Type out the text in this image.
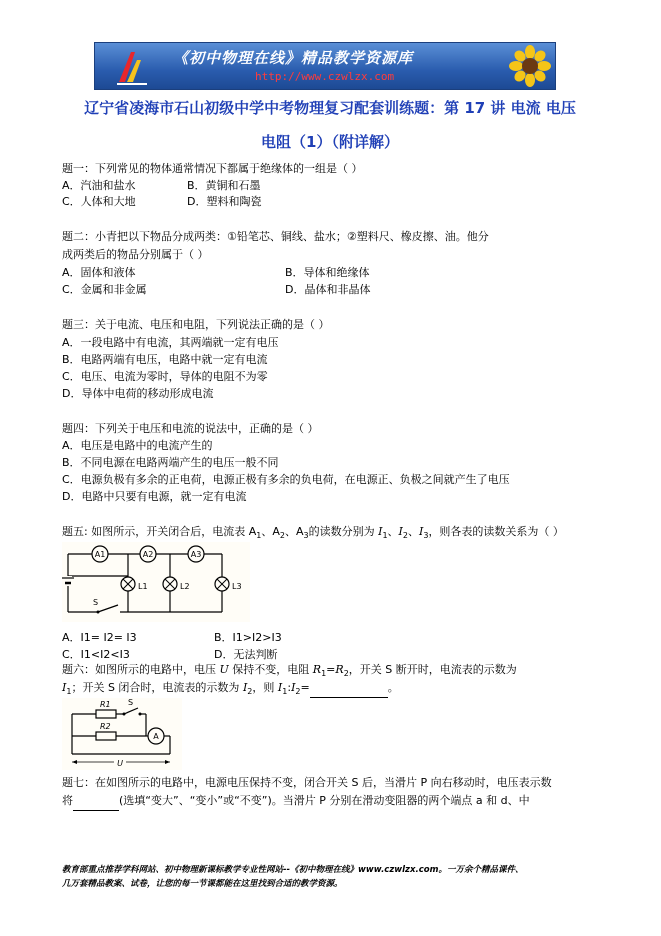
《初中物理在线》精品教学资源库
http://www.czwlzx.com
辽宁省凌海市石山初级中学中考物理复习配套训练题：第 17 讲 电流 电压
电阻（1）（附详解）
题一：下列常见的物体通常情况下都属于绝缘体的一组是（ ）
A．汽油和盐水	B．黄铜和石墨
C．人体和大地	D．塑料和陶瓷
题二：小青把以下物品分成两类：①铅笔芯、铜线、盐水；②塑料尺、橡皮擦、油。他分
成两类后的物品分别属于（ ）
A．固体和液体	B．导体和绝缘体
C．金属和非金属	D．晶体和非晶体
题三：关于电流、电压和电阻，下列说法正确的是（ ）
A．一段电路中有电流，其两端就一定有电压
B．电路两端有电压，电路中就一定有电流
C．电压、电流为零时，导体的电阻不为零
D．导体中电荷的移动形成电流
题四：下列关于电压和电流的说法中，正确的是（ ）
A．电压是电路中的电流产生的
B．不同电源在电路两端产生的电压一般不同
C．电源负极有多余的正电荷，电源正极有多余的负电荷，在电源正、负极之间就产生了电压
D．电路中只要有电源，就一定有电流
题五: 如图所示，开关闭合后，电流表 $A_1$、$A_2$、$A_3$的读数分别为 $I_1$、$I_2$、$I_3$，则各表的读数关系为（ ）
A1	A2	A3
L1	L2	L3
S
A．I1= I2= I3	B．I1>I2>I3
C．I1<I2<I3	D．无法判断
题六：如图所示的电路中，电压 U 保持不变，电阻 $R_1=R_2$，开关 S 断开时，电流表的示数为
$I_1$；开关 S 闭合时，电流表的示数为 $I_2$，则 $I_1:I_2=$	。
R1 S
R2
A
U
题七：在如图所示的电路中，电源电压保持不变，闭合开关 S 后，当滑片 P 向右移动时，电压表示数
将	(选填“变大”、“变小”或“不变”)。当滑片 P 分别在滑动变阻器的两个端点 a 和 d、中
教育部重点推荐学科网站、初中物理新课标教学专业性网站--《初中物理在线》www.czwlzx.com。一万余个精品课件、
几万套精品教案、试卷，让您的每一节课都能在这里找到合适的教学资源。
